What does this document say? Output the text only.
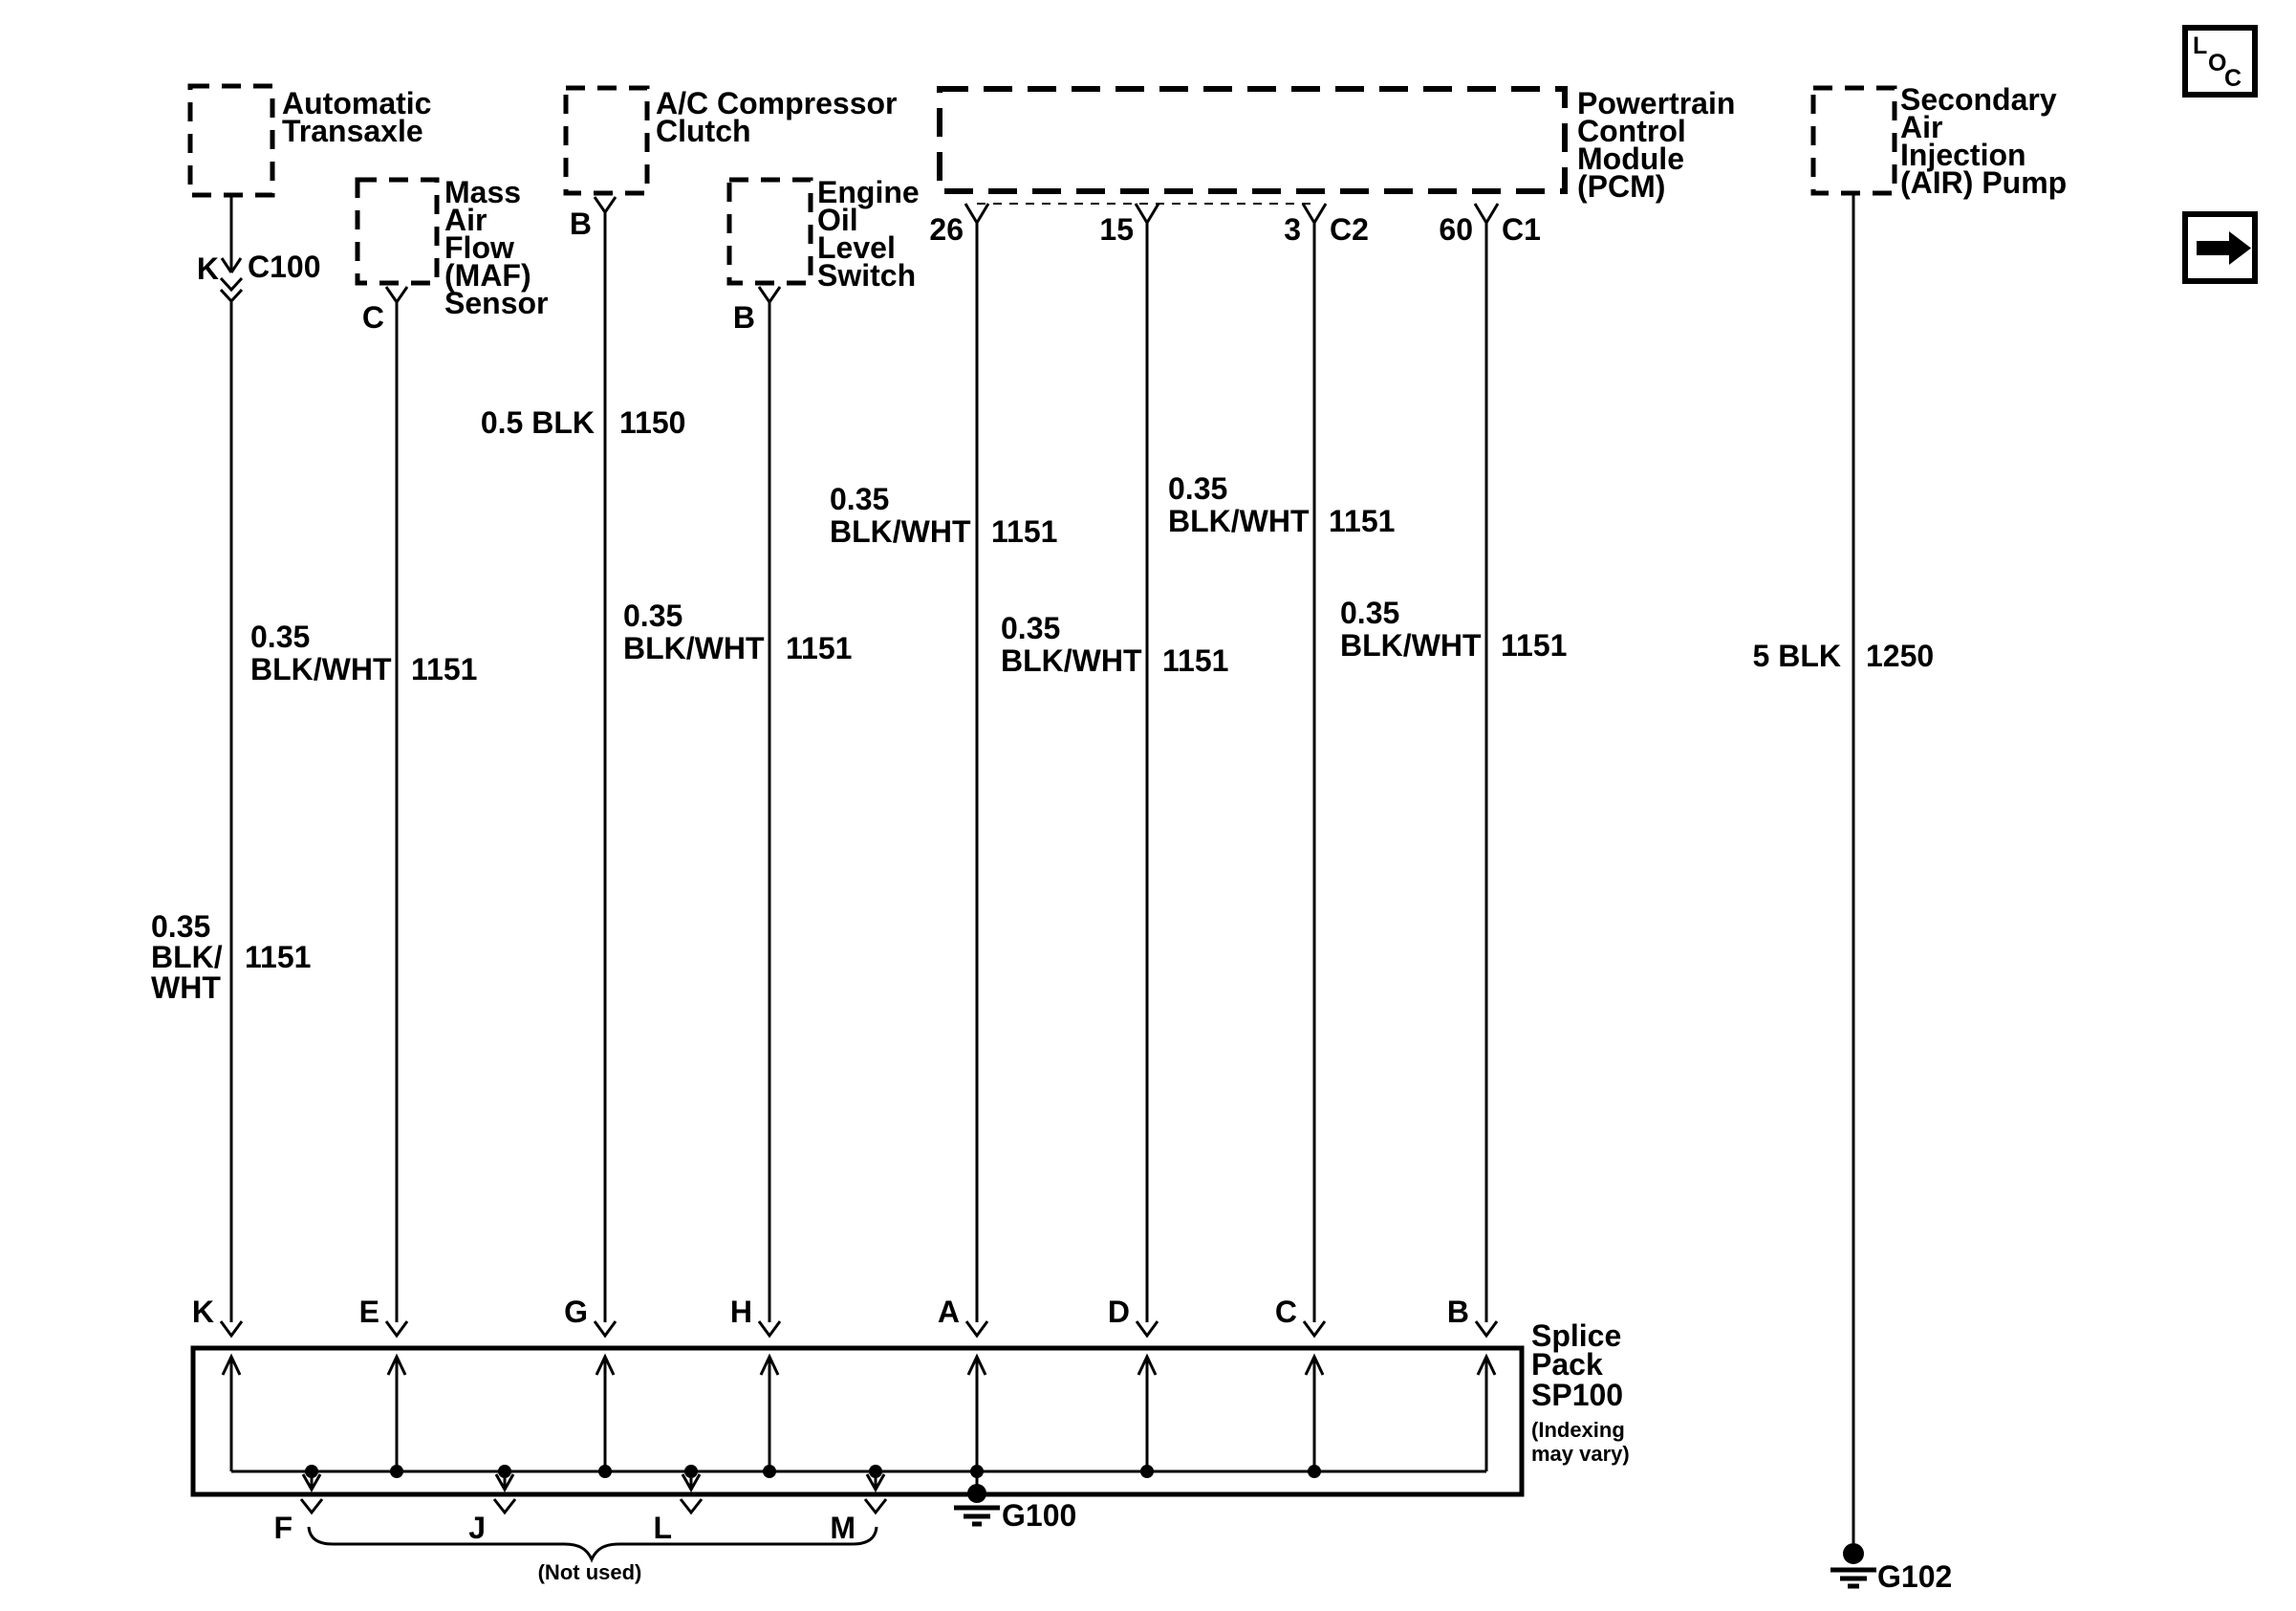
Automatic
Transaxle
K C100
Mass
Air
Flow
(MAF)
Sensor
C
A/C Compressor
Clutch
B
Engine
Oil
Level
Switch
B
Powertrain
Control
Module
(PCM)
26	15	3 C2 60 C1
Secondary
Air
Injection
(AIR) Pump
0.35
BLK/
WHT
1151
0.35
BLK/WHT 1151
0.5 BLK 1150
0.35
BLK/WHT 1151
0.35
BLK/WHT 1151
0.35
BLK/WHT 1151
0.35
BLK/WHT 1151
0.35
BLK/WHT 1151	5 BLK 1250
K	E	G	H	A	D	C	B
F	J	L	M
(Not used)
Splice
Pack
SP100
(Indexing
may vary)
G100
G102
L
O
C
